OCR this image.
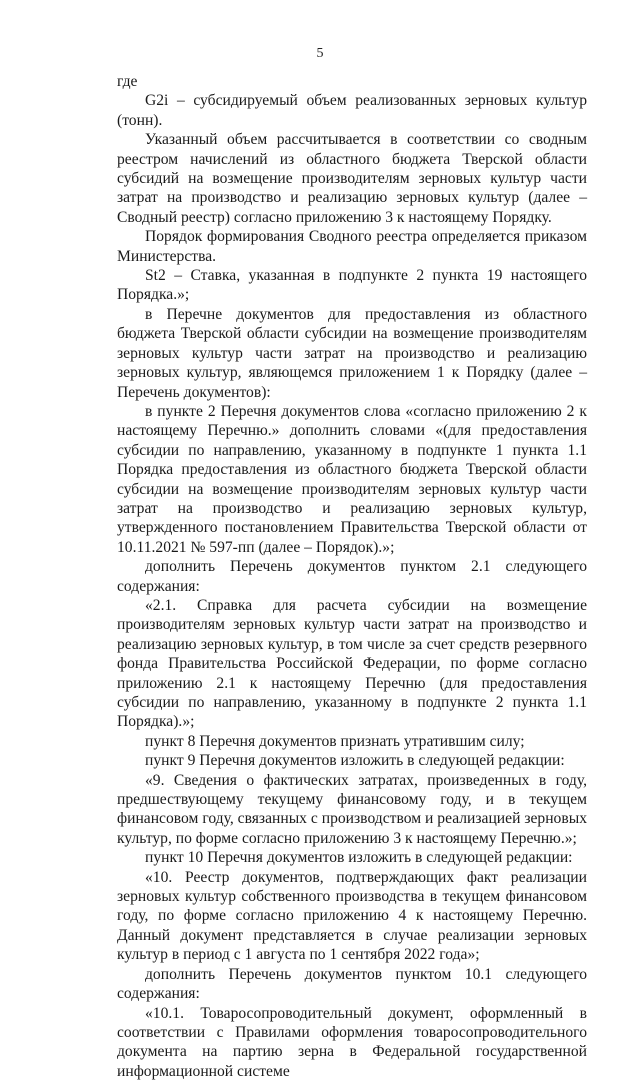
5

где

G2i – субсидируемый объем реализованных зерновых культур (тонн).

Указанный объем рассчитывается в соответствии со сводным реестром начислений из областного бюджета Тверской области субсидий на возмещение производителям зерновых культур части затрат на производство и реализацию зерновых культур (далее – Сводный реестр) согласно приложению 3 к настоящему Порядку.

Порядок формирования Сводного реестра определяется приказом Министерства.

St2 – Ставка, указанная в подпункте 2 пункта 19 настоящего Порядка.»;

в Перечне документов для предоставления из областного бюджета Тверской области субсидии на возмещение производителям зерновых культур части затрат на производство и реализацию зерновых культур, являющемся приложением 1 к Порядку (далее – Перечень документов):

в пункте 2 Перечня документов слова «согласно приложению 2 к настоящему Перечню.» дополнить словами «(для предоставления субсидии по направлению, указанному в подпункте 1 пункта 1.1 Порядка предоставления из областного бюджета Тверской области субсидии на возмещение производителям зерновых культур части затрат на производство и реализацию зерновых культур, утвержденного постановлением Правительства Тверской области от 10.11.2021 № 597-пп (далее – Порядок).»;

дополнить Перечень документов пунктом 2.1 следующего содержания:

«2.1. Справка для расчета субсидии на возмещение производителям зерновых культур части затрат на производство и реализацию зерновых культур, в том числе за счет средств резервного фонда Правительства Российской Федерации, по форме согласно приложению 2.1 к настоящему Перечню (для предоставления субсидии по направлению, указанному в подпункте 2 пункта 1.1 Порядка).»;

пункт 8 Перечня документов признать утратившим силу;

пункт 9 Перечня документов изложить в следующей редакции:

«9. Сведения о фактических затратах, произведенных в году, предшествующему текущему финансовому году, и в текущем финансовом году, связанных с производством и реализацией зерновых культур, по форме согласно приложению 3 к настоящему Перечню.»;

пункт 10 Перечня документов изложить в следующей редакции:

«10. Реестр документов, подтверждающих факт реализации зерновых культур собственного производства в текущем финансовом году, по форме согласно приложению 4 к настоящему Перечню. Данный документ представляется в случае реализации зерновых культур в период с 1 августа по 1 сентября 2022 года»;

дополнить Перечень документов пунктом 10.1 следующего содержания:

«10.1. Товаросопроводительный документ, оформленный в соответствии с Правилами оформления товаросопроводительного документа на партию зерна в Федеральной государственной информационной системе
